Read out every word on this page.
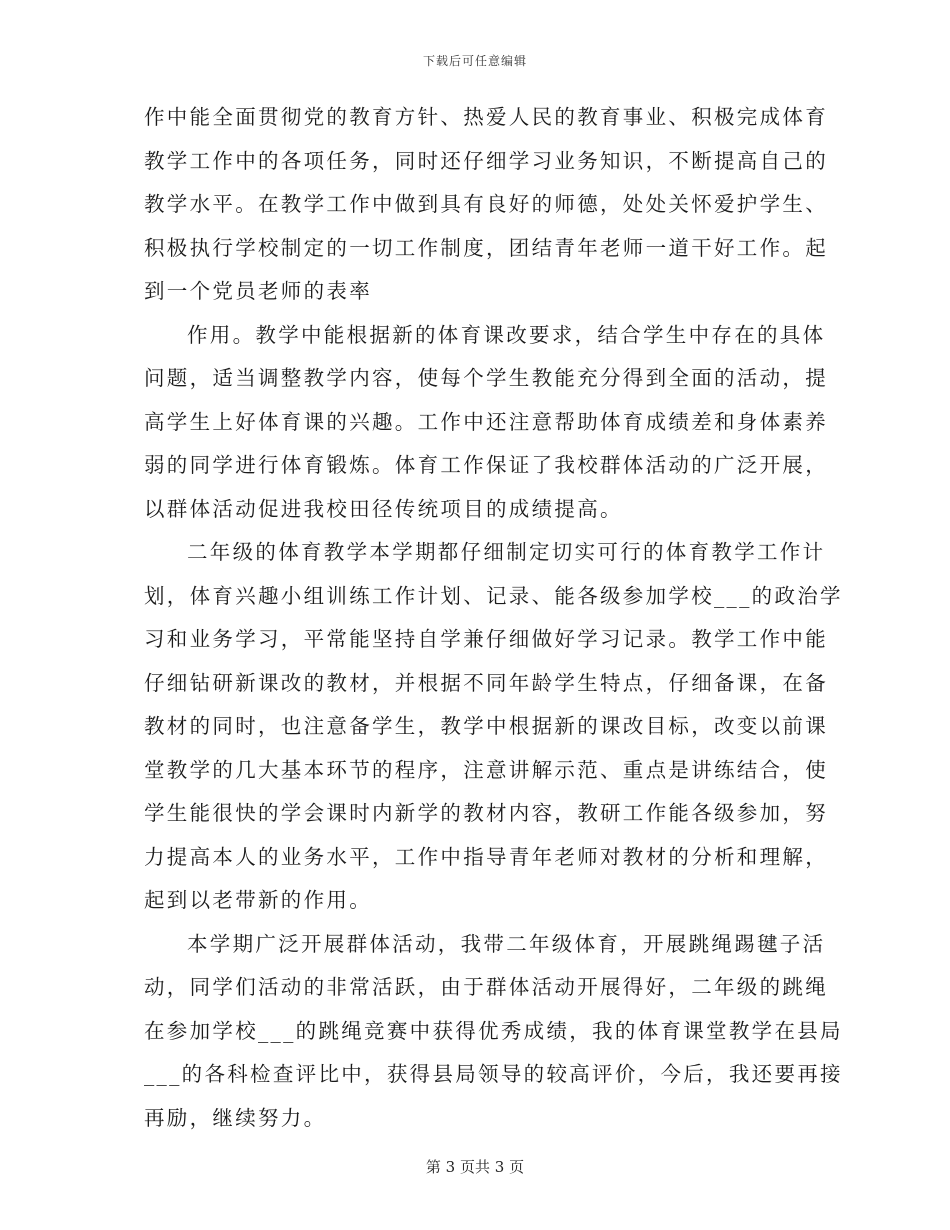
下载后可任意编辑
作中能全面贯彻党的教育方针、热爱人民的教育事业、积极完成体育
教学工作中的各项任务，同时还仔细学习业务知识，不断提高自己的
教学水平。在教学工作中做到具有良好的师德，处处关怀爱护学生、
积极执行学校制定的一切工作制度，团结青年老师一道干好工作。起
到一个党员老师的表率
作用。教学中能根据新的体育课改要求，结合学生中存在的具体
问题，适当调整教学内容，使每个学生教能充分得到全面的活动，提
高学生上好体育课的兴趣。工作中还注意帮助体育成绩差和身体素养
弱的同学进行体育锻炼。体育工作保证了我校群体活动的广泛开展，
以群体活动促进我校田径传统项目的成绩提高。
二年级的体育教学本学期都仔细制定切实可行的体育教学工作计
划，体育兴趣小组训练工作计划、记录、能各级参加学校___的政治学
习和业务学习，平常能坚持自学兼仔细做好学习记录。教学工作中能
仔细钻研新课改的教材，并根据不同年龄学生特点，仔细备课，在备
教材的同时，也注意备学生，教学中根据新的课改目标，改变以前课
堂教学的几大基本环节的程序，注意讲解示范、重点是讲练结合，使
学生能很快的学会课时内新学的教材内容，教研工作能各级参加，努
力提高本人的业务水平，工作中指导青年老师对教材的分析和理解，
起到以老带新的作用。
本学期广泛开展群体活动，我带二年级体育，开展跳绳踢毽子活
动，同学们活动的非常活跃，由于群体活动开展得好，二年级的跳绳
在参加学校___的跳绳竞赛中获得优秀成绩，我的体育课堂教学在县局
___的各科检查评比中，获得县局领导的较高评价，今后，我还要再接
再励，继续努力。
第 3 页共 3 页
